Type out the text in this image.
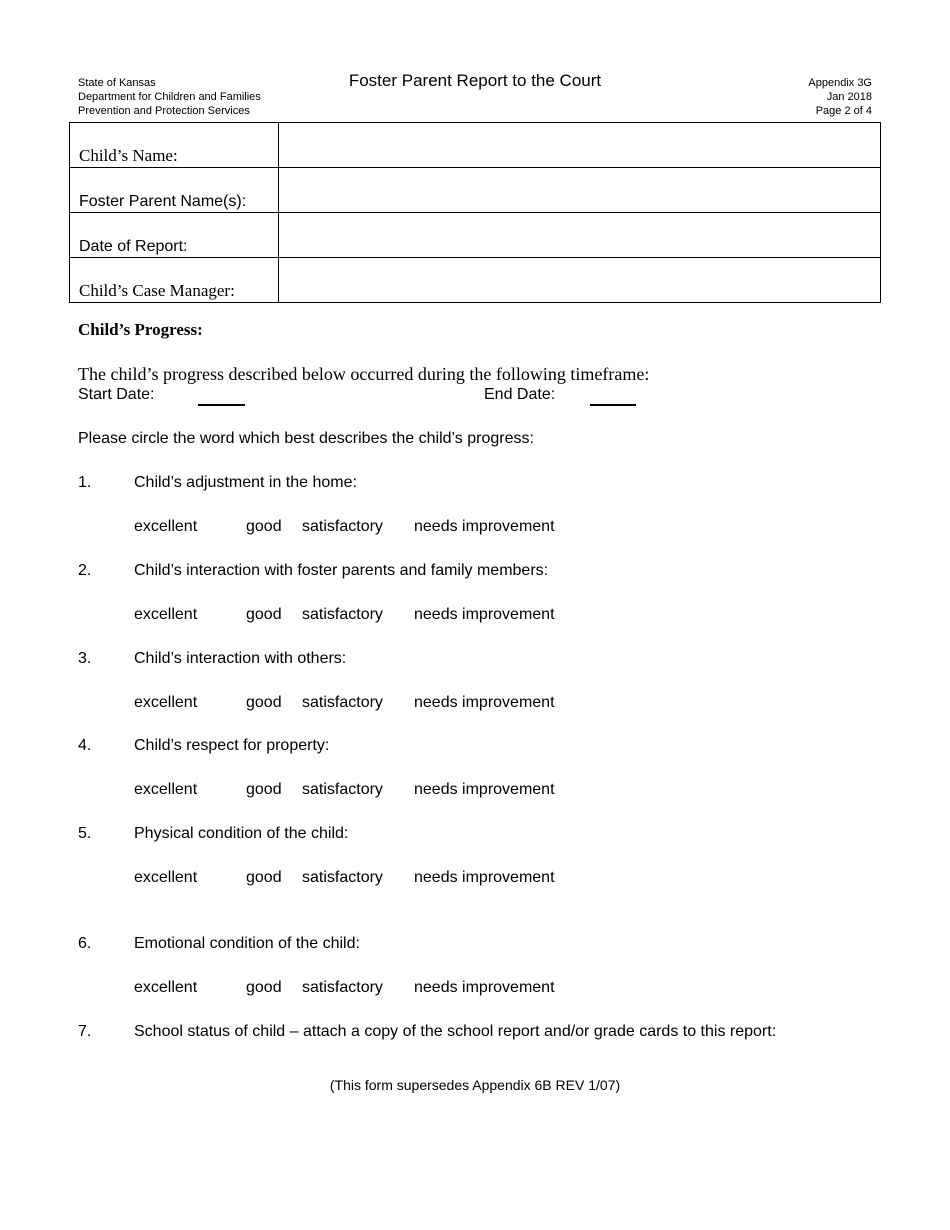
State of Kansas
Department for Children and Families
Prevention and Protection Services
Foster Parent Report to the Court	Appendix 3G
Jan 2018
Page 2 of 4
Child’s Name:	
Foster Parent Name(s):	
Date of Report:	
Child’s Case Manager:	
Child’s Progress:
The child’s progress described below occurred during the following timeframe:
Start Date:	End Date:
Please circle the word which best describes the child’s progress:
1.	Child’s adjustment in the home:
excellent	good satisfactory needs improvement
2.	Child’s interaction with foster parents and family members:
excellent	good satisfactory needs improvement
3.	Child’s interaction with others:
excellent	good satisfactory needs improvement
4.	Child’s respect for property:
excellent	good satisfactory needs improvement
5.	Physical condition of the child:
excellent	good satisfactory needs improvement
6.	Emotional condition of the child:
excellent	good satisfactory needs improvement
7.	School status of child – attach a copy of the school report and/or grade cards to this report:
(This form supersedes Appendix 6B REV 1/07)
